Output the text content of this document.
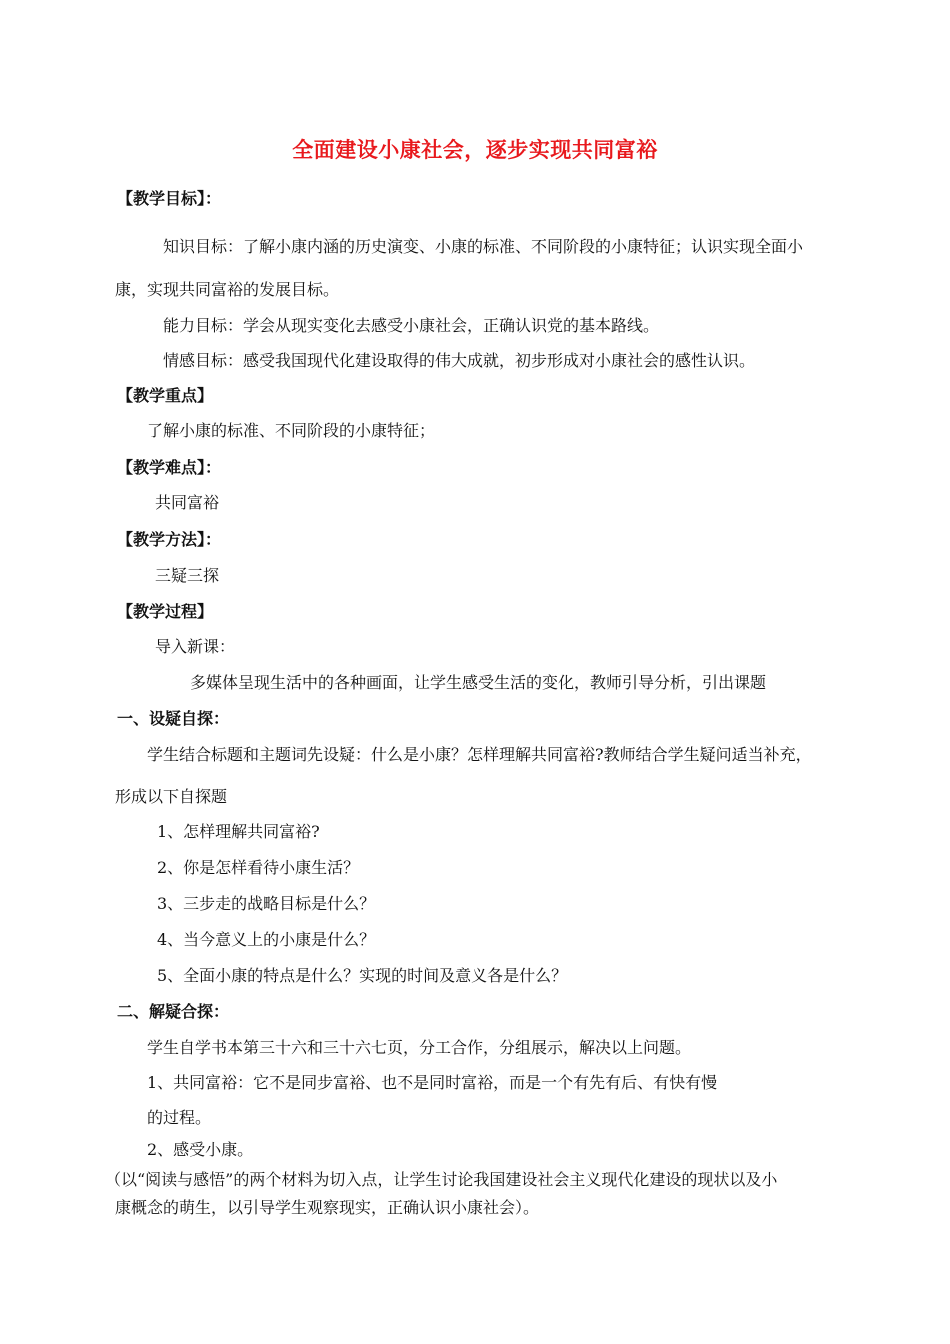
全面建设小康社会，逐步实现共同富裕
【教学目标】：
知识目标：了解小康内涵的历史演变、小康的标准、不同阶段的小康特征；认识实现全面小
康，实现共同富裕的发展目标。
能力目标：学会从现实变化去感受小康社会，正确认识党的基本路线。
情感目标：感受我国现代化建设取得的伟大成就，初步形成对小康社会的感性认识。
【教学重点】
了解小康的标准、不同阶段的小康特征；
【教学难点】：
共同富裕
【教学方法】：
三疑三探
【教学过程】
导入新课：
多媒体呈现生活中的各种画面，让学生感受生活的变化，教师引导分析，引出课题
一、设疑自探：
学生结合标题和主题词先设疑：什么是小康？怎样理解共同富裕?教师结合学生疑问适当补充，
形成以下自探题
1、怎样理解共同富裕?
2、你是怎样看待小康生活？
3、三步走的战略目标是什么？
4、当今意义上的小康是什么？
5、全面小康的特点是什么？实现的时间及意义各是什么？
二、解疑合探：
学生自学书本第三十六和三十六七页，分工合作，分组展示，解决以上问题。
1、共同富裕：它不是同步富裕、也不是同时富裕，而是一个有先有后、有快有慢
的过程。
2、感受小康。
（以“阅读与感悟”的两个材料为切入点，让学生讨论我国建设社会主义现代化建设的现状以及小
康概念的萌生，以引导学生观察现实，正确认识小康社会）。
